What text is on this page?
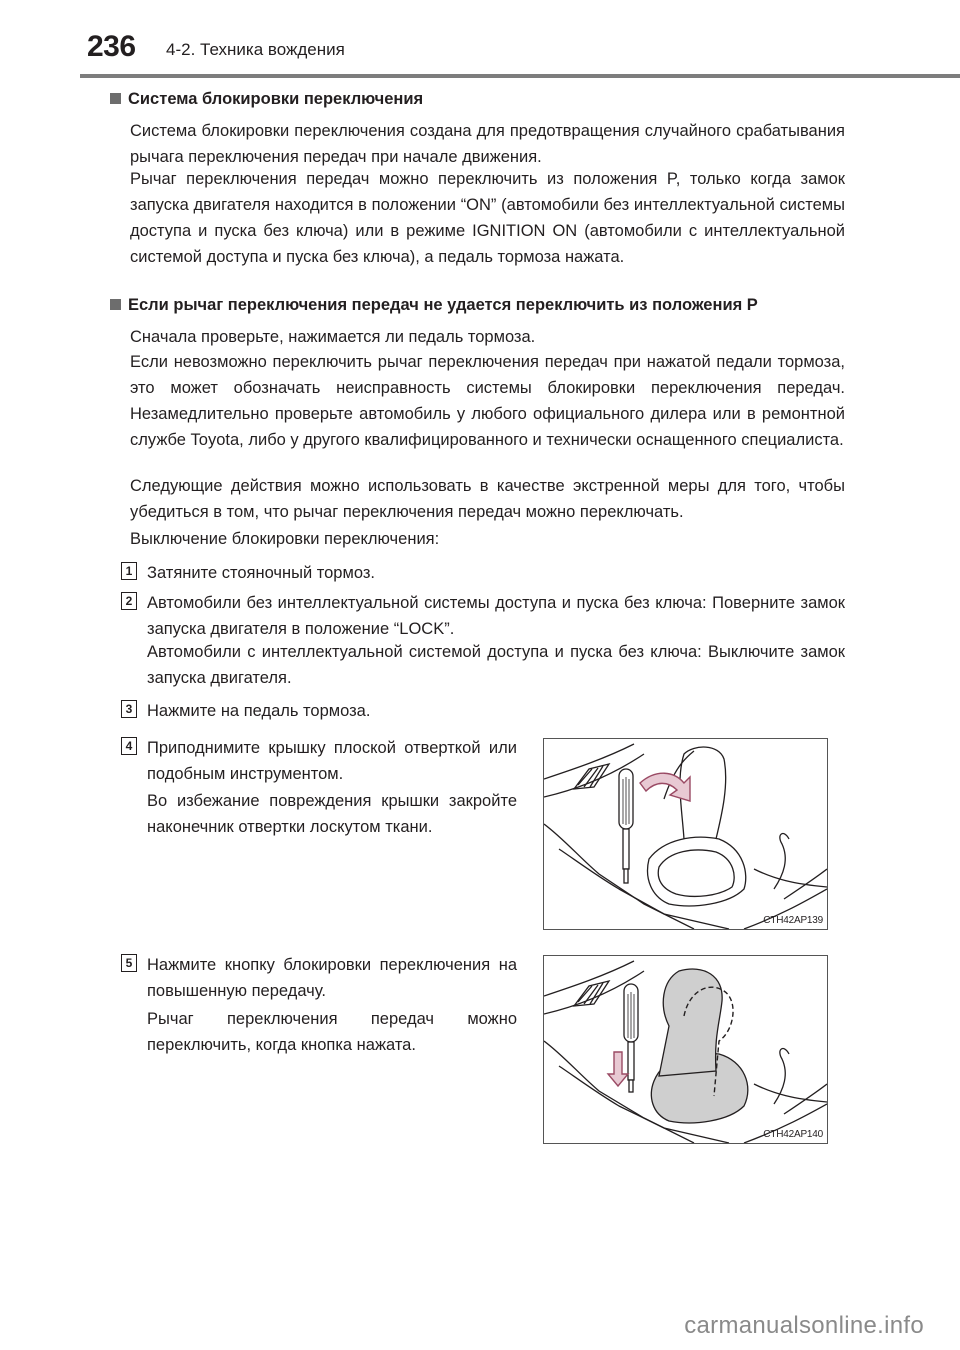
236 4-2. Техника вождения
Система блокировки переключения
Система блокировки переключения создана для предотвращения случайного срабатывания рычага переключения передач при начале движения.
Рычаг переключения передач можно переключить из положения P, только когда замок запуска двигателя находится в положении “ON” (автомобили без интеллектуальной системы доступа и пуска без ключа) или в режиме IGNITION ON (автомобили с интеллектуальной системой доступа и пуска без ключа), а педаль тормоза нажата.
Если рычаг переключения передач не удается переключить из положения P
Сначала проверьте, нажимается ли педаль тормоза.
Если невозможно переключить рычаг переключения передач при нажатой педали тормоза, это может обозначать неисправность системы блокировки переключения передач. Незамедлительно проверьте автомобиль у любого официального дилера или в ремонтной службе Toyota, либо у другого квалифицированного и технически оснащенного специалиста.
Следующие действия можно использовать в качестве экстренной меры для того, чтобы убедиться в том, что рычаг переключения передач можно переключать.
Выключение блокировки переключения:
1 Затяните стояночный тормоз.
2 Автомобили без интеллектуальной системы доступа и пуска без ключа: Поверните замок запуска двигателя в положение “LOCK”.
Автомобили с интеллектуальной системой доступа и пуска без ключа: Выключите замок запуска двигателя.
3 Нажмите на педаль тормоза.
4 Приподнимите крышку плоской отверткой или подобным инструментом.
Во избежание повреждения крышки закройте наконечник отвертки лоскутом ткани.
CTH42AP139
5 Нажмите кнопку блокировки переключения на повышенную передачу.
Рычаг переключения передач можно переключить, когда кнопка нажата.
CTH42AP140
carmanualsonline.info
